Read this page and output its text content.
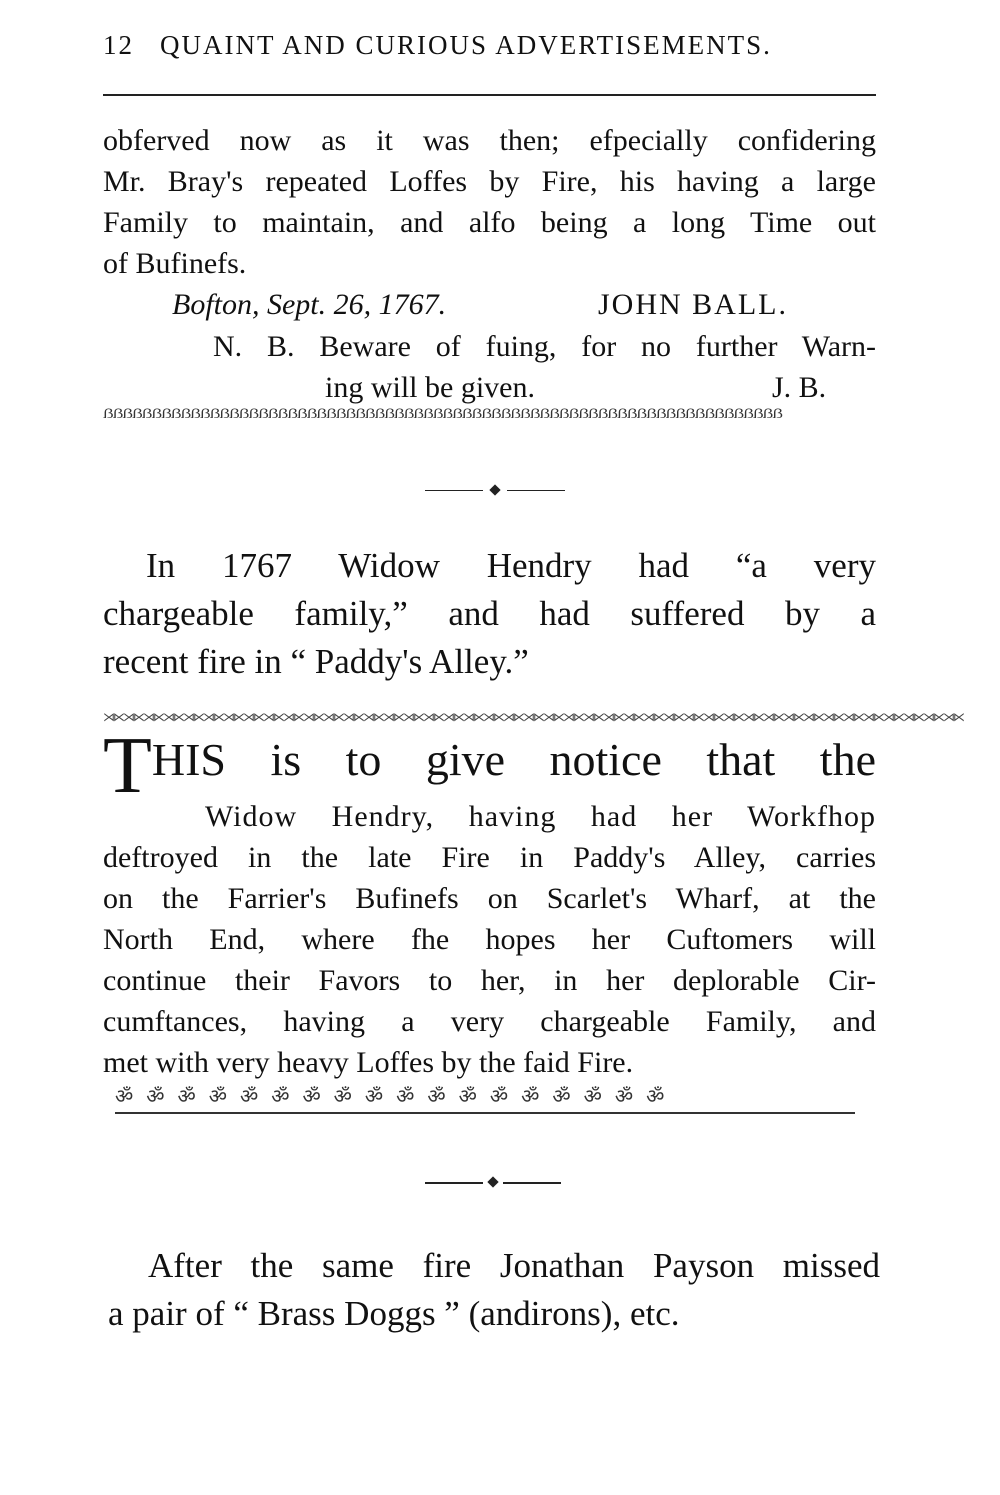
12 QUAINT AND CURIOUS ADVERTISEMENTS.
obferved now as it was then; efpecially confidering
Mr. Bray's repeated Loffes by Fire, his having a large
Family to maintain, and alfo being a long Time out
of Bufinefs.
Bofton, Sept. 26, 1767.	JOHN BALL.
N. B. Beware of fuing, for no further Warn-
ing will be given.	J. B.
ẞẞẞẞẞẞẞẞẞẞẞẞẞẞẞẞẞẞẞẞẞẞẞẞẞẞẞẞẞẞẞẞẞẞẞẞẞẞẞẞẞẞẞẞẞẞẞẞẞẞẞẞẞẞẞẞẞẞẞẞẞẞẞẞẞẞẞẞẞẞ
In 1767 Widow Hendry had “a very
chargeable family,” and had suffered by a
recent fire in “ Paddy's Alley.”
⋊⋉⋊⋉⋊⋉⋊⋉⋊⋉⋊⋉⋊⋉⋊⋉⋊⋉⋊⋉⋊⋉⋊⋉⋊⋉⋊⋉⋊⋉⋊⋉⋊⋉⋊⋉⋊⋉⋊⋉⋊⋉⋊⋉⋊⋉⋊⋉⋊⋉⋊⋉⋊⋉⋊⋉⋊⋉⋊⋉⋊⋉⋊⋉⋊⋉⋊⋉⋊⋉⋊⋉⋊⋉⋊⋉⋊⋉⋊⋉⋊⋉⋊⋉⋊⋉
THIS is to give notice that the
Widow Hendry, having had her Workfhop
deftroyed in the late Fire in Paddy's Alley, carries
on the Farrier's Bufinefs on Scarlet's Wharf, at the
North End, where fhe hopes her Cuftomers will
continue their Favors to her, in her deplorable Cir-
cumftances, having a very chargeable Family, and
met with very heavy Loffes by the faid Fire.
ॐ ॐ ॐ ॐ ॐ ॐ ॐ ॐ ॐ ॐ ॐ ॐ ॐ ॐ ॐ ॐ ॐ ॐ
After the same fire Jonathan Payson missed
a pair of “ Brass Doggs ” (andirons), etc.
